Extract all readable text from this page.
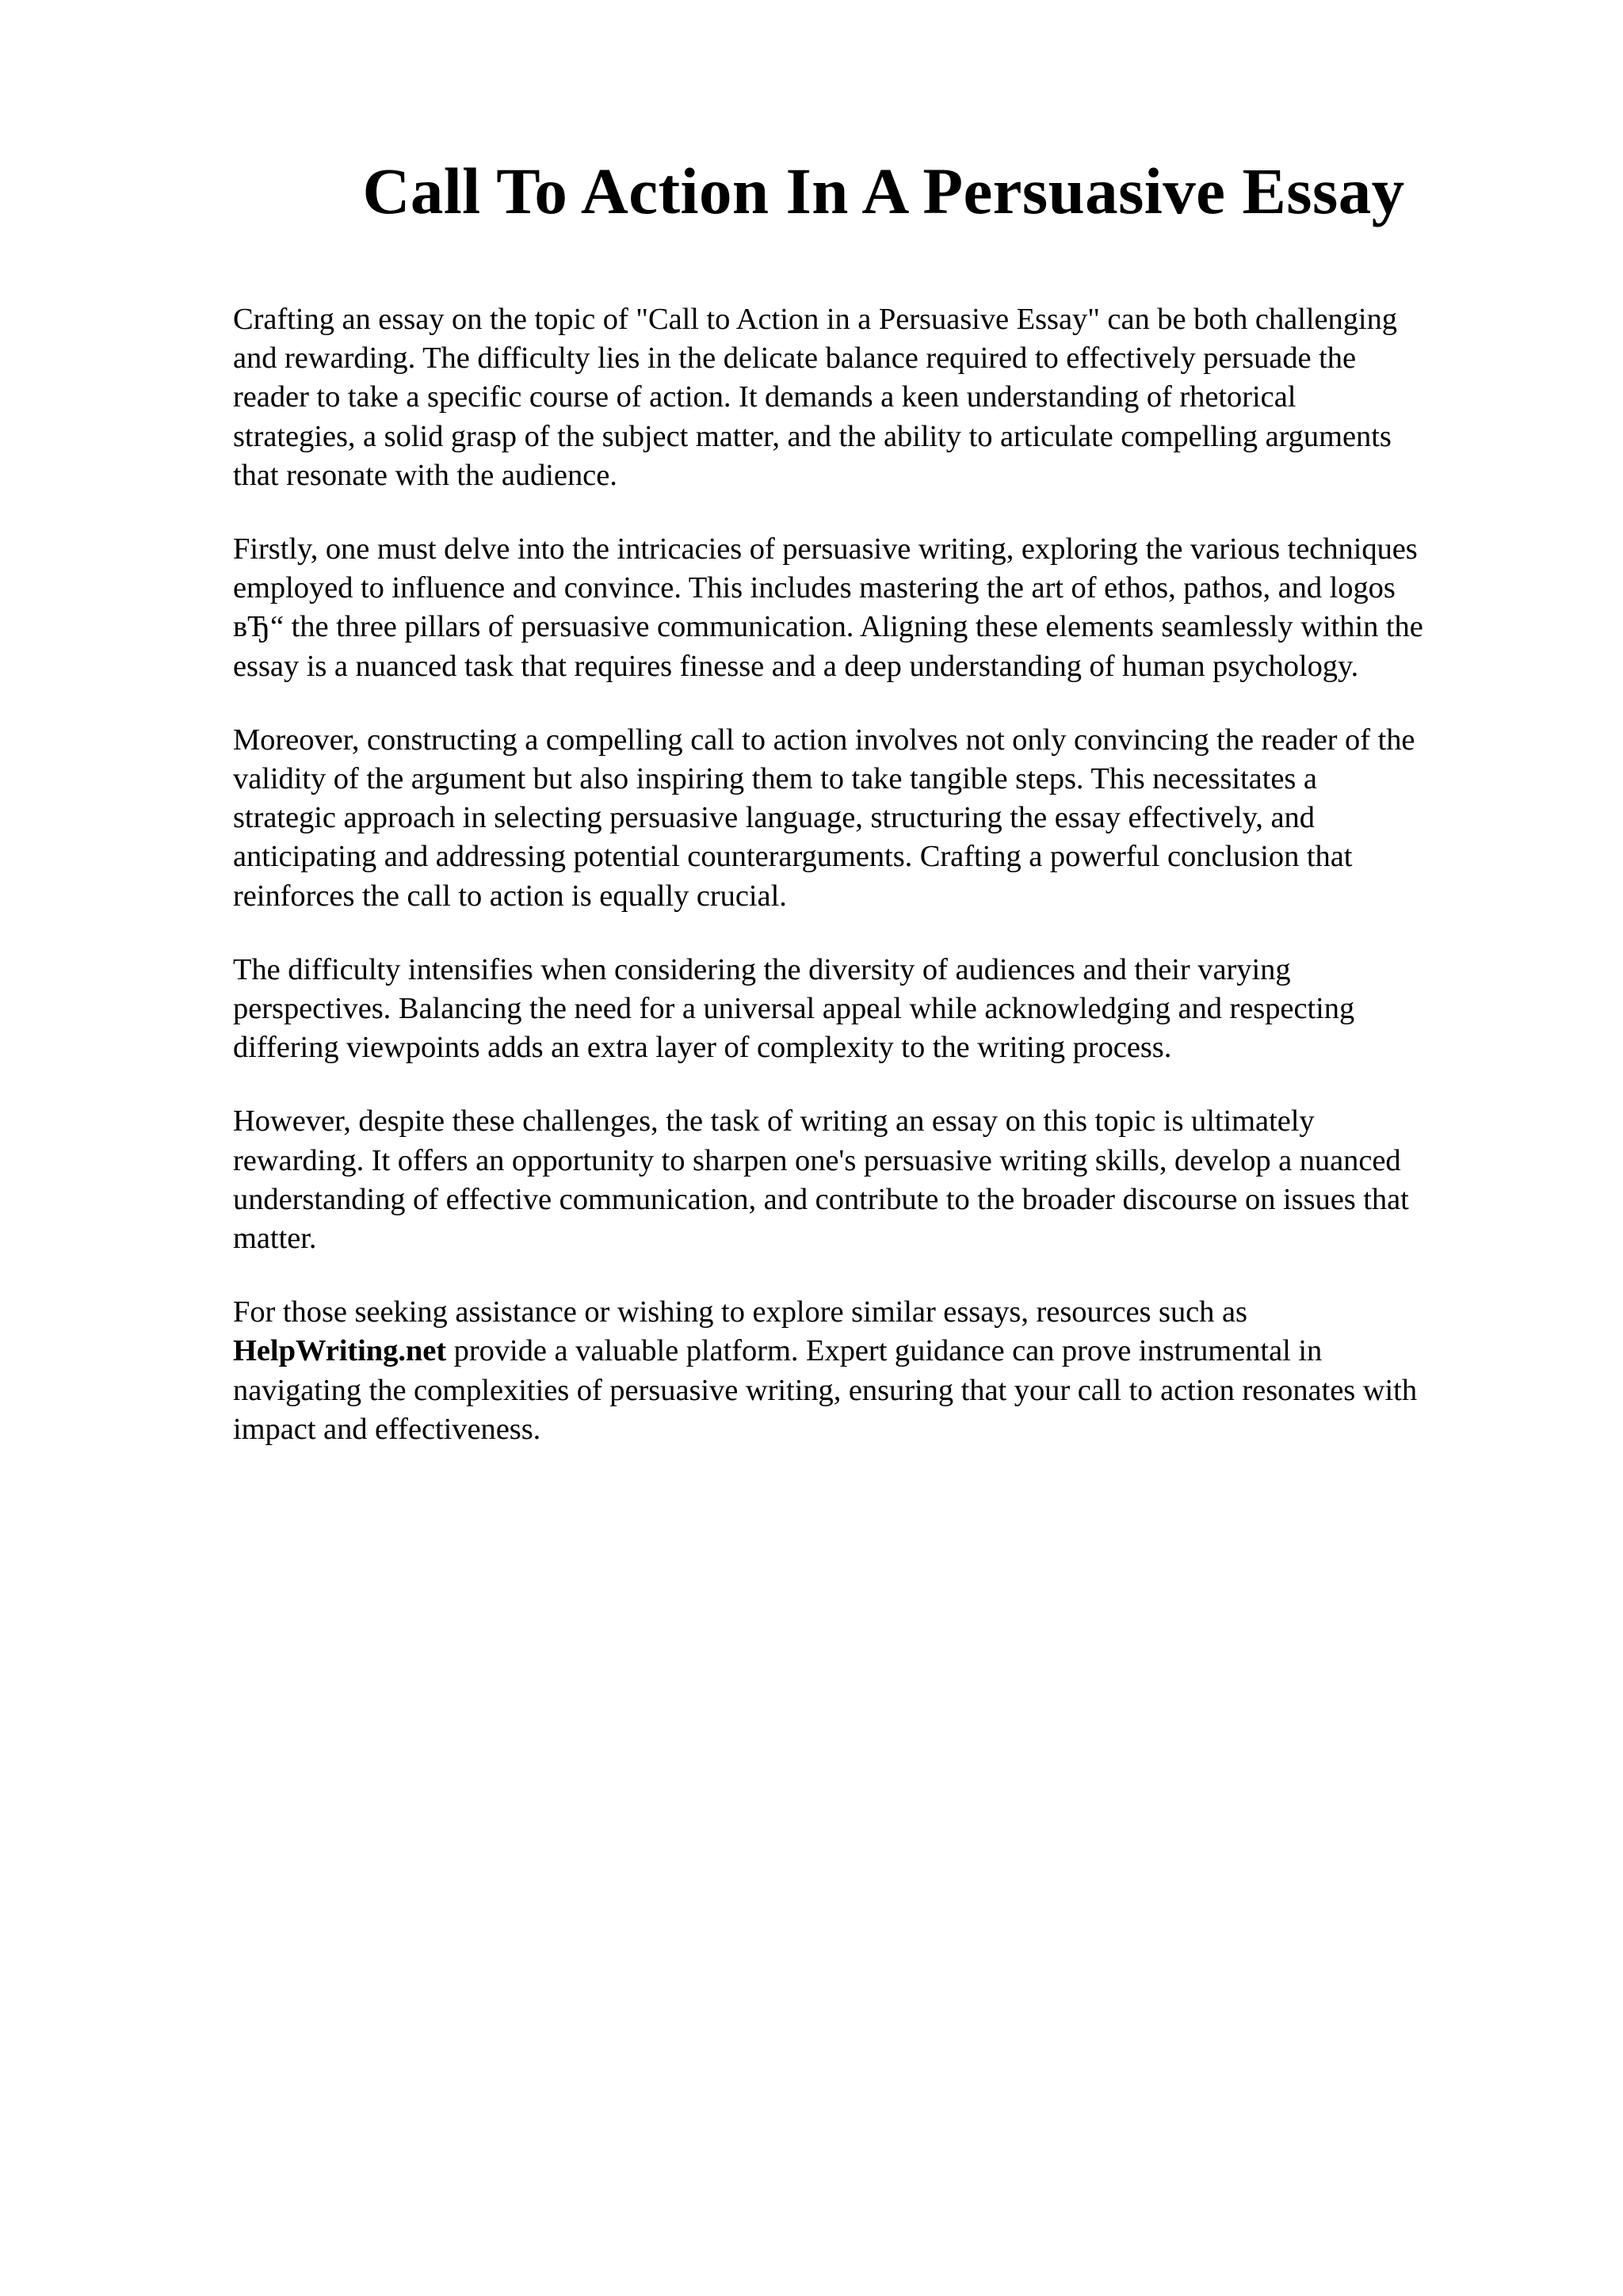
Call To Action In A Persuasive Essay

Crafting an essay on the topic of "Call to Action in a Persuasive Essay" can be both challenging
and rewarding. The difficulty lies in the delicate balance required to effectively persuade the
reader to take a specific course of action. It demands a keen understanding of rhetorical
strategies, a solid grasp of the subject matter, and the ability to articulate compelling arguments
that resonate with the audience.

Firstly, one must delve into the intricacies of persuasive writing, exploring the various techniques
employed to influence and convince. This includes mastering the art of ethos, pathos, and logos
вЂ“ the three pillars of persuasive communication. Aligning these elements seamlessly within the
essay is a nuanced task that requires finesse and a deep understanding of human psychology.

Moreover, constructing a compelling call to action involves not only convincing the reader of the
validity of the argument but also inspiring them to take tangible steps. This necessitates a
strategic approach in selecting persuasive language, structuring the essay effectively, and
anticipating and addressing potential counterarguments. Crafting a powerful conclusion that
reinforces the call to action is equally crucial.

The difficulty intensifies when considering the diversity of audiences and their varying
perspectives. Balancing the need for a universal appeal while acknowledging and respecting
differing viewpoints adds an extra layer of complexity to the writing process.

However, despite these challenges, the task of writing an essay on this topic is ultimately
rewarding. It offers an opportunity to sharpen one's persuasive writing skills, develop a nuanced
understanding of effective communication, and contribute to the broader discourse on issues that
matter.

For those seeking assistance or wishing to explore similar essays, resources such as
HelpWriting.net provide a valuable platform. Expert guidance can prove instrumental in
navigating the complexities of persuasive writing, ensuring that your call to action resonates with
impact and effectiveness.
